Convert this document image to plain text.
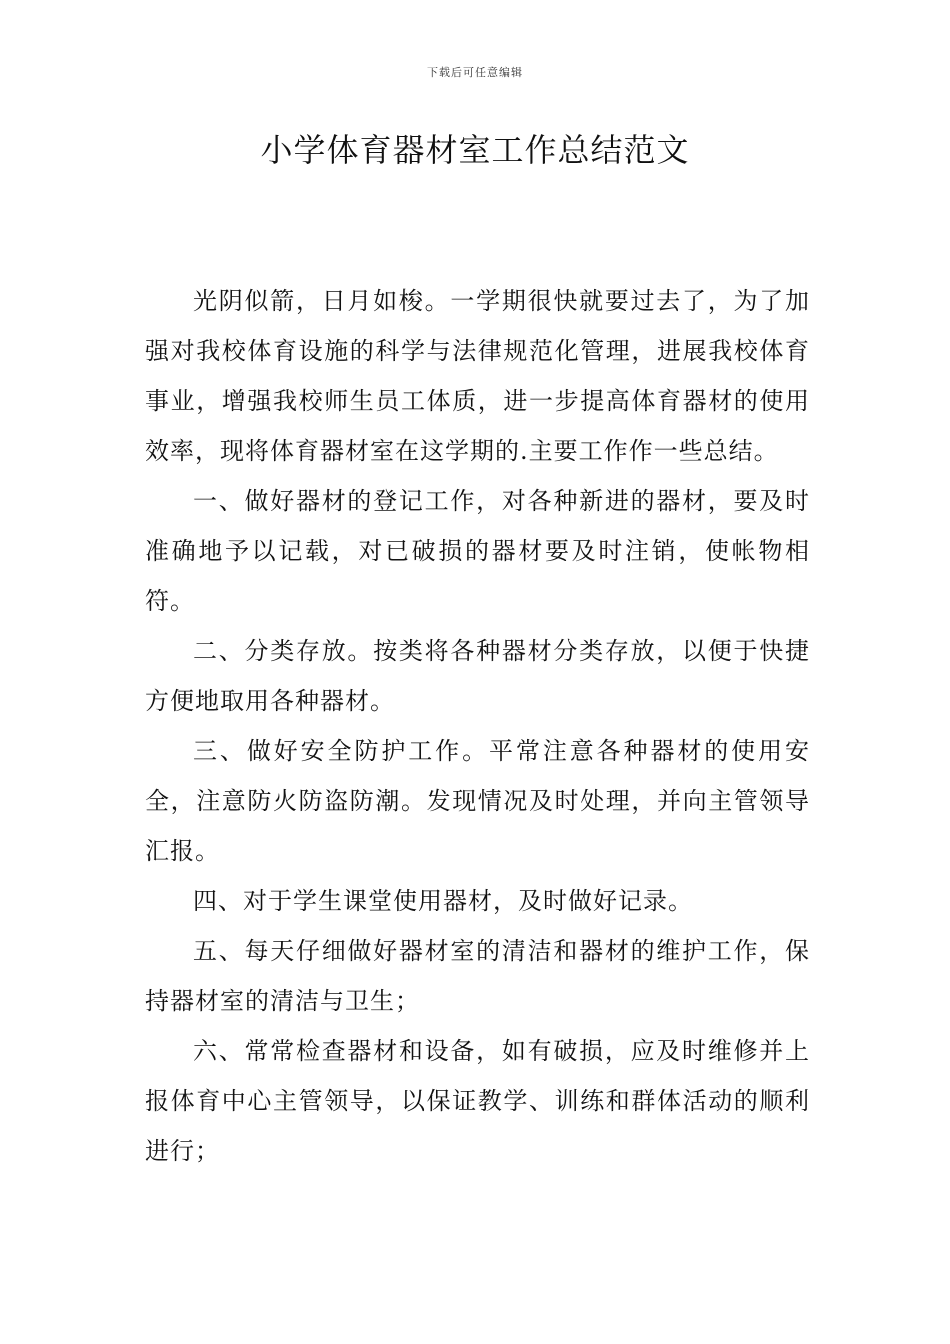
下载后可任意编辑
小学体育器材室工作总结范文

光阴似箭，日月如梭。一学期很快就要过去了，为了加强对我校体育设施的科学与法律规范化管理，进展我校体育事业，增强我校师生员工体质，进一步提高体育器材的使用效率，现将体育器材室在这学期的.主要工作作一些总结。

一、做好器材的登记工作，对各种新进的器材，要及时准确地予以记载，对已破损的器材要及时注销，使帐物相符。

二、分类存放。按类将各种器材分类存放，以便于快捷方便地取用各种器材。

三、做好安全防护工作。平常注意各种器材的使用安全，注意防火防盗防潮。发现情况及时处理，并向主管领导汇报。

四、对于学生课堂使用器材，及时做好记录。

五、每天仔细做好器材室的清洁和器材的维护工作，保持器材室的清洁与卫生；

六、常常检查器材和设备，如有破损，应及时维修并上报体育中心主管领导，以保证教学、训练和群体活动的顺利进行；
